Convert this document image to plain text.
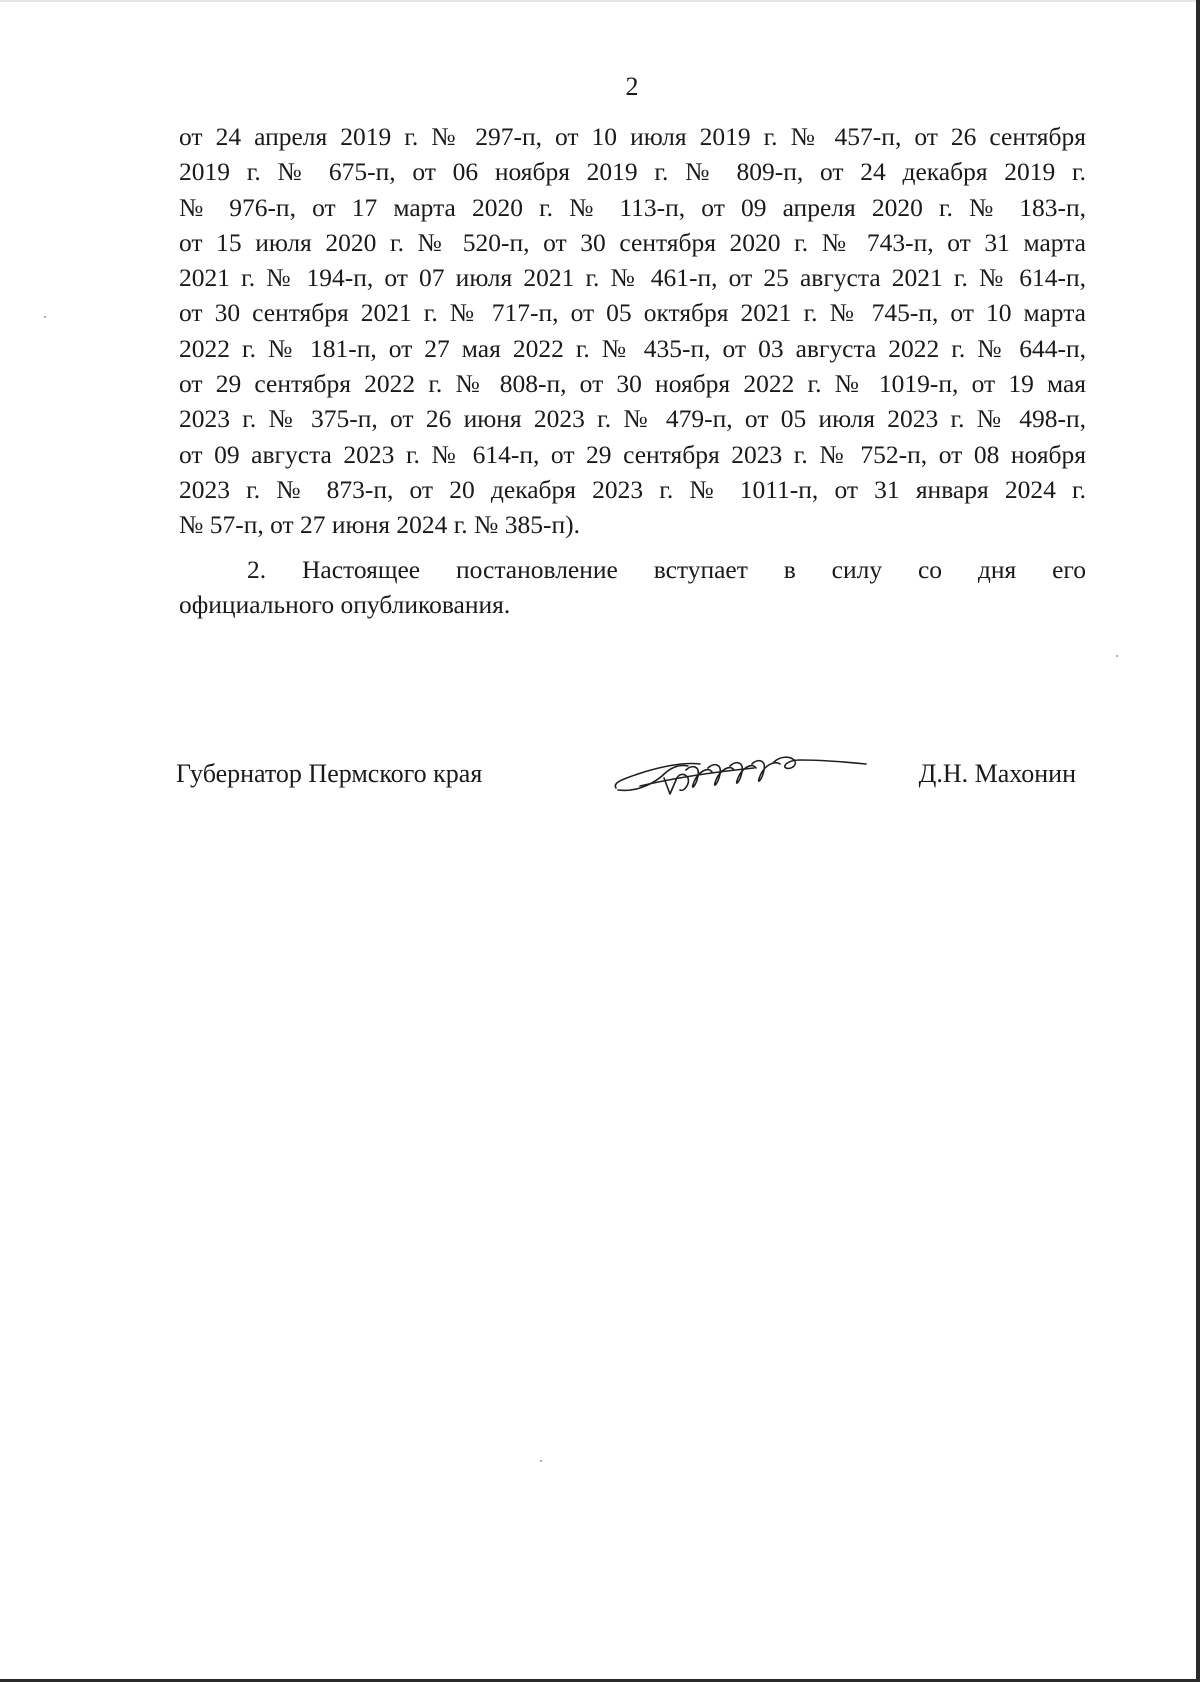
2
от 24 апреля 2019 г. № 297-п, от 10 июля 2019 г. № 457-п, от 26 сентября
2019 г. № 675-п, от 06 ноября 2019 г. № 809-п, от 24 декабря 2019 г.
№ 976-п, от 17 марта 2020 г. № 113-п, от 09 апреля 2020 г. № 183-п,
от 15 июля 2020 г. № 520-п, от 30 сентября 2020 г. № 743-п, от 31 марта
2021 г. № 194-п, от 07 июля 2021 г. № 461-п, от 25 августа 2021 г. № 614-п,
от 30 сентября 2021 г. № 717-п, от 05 октября 2021 г. № 745-п, от 10 марта
2022 г. № 181-п, от 27 мая 2022 г. № 435-п, от 03 августа 2022 г. № 644-п,
от 29 сентября 2022 г. № 808-п, от 30 ноября 2022 г. № 1019-п, от 19 мая
2023 г. № 375-п, от 26 июня 2023 г. № 479-п, от 05 июля 2023 г. № 498-п,
от 09 августа 2023 г. № 614-п, от 29 сентября 2023 г. № 752-п, от 08 ноября
2023 г. № 873-п, от 20 декабря 2023 г. № 1011-п, от 31 января 2024 г.
№ 57-п, от 27 июня 2024 г. № 385-п).
2. Настоящее постановление вступает в силу со дня его
официального опубликования.
Губернатор Пермского края	Д.Н. Махонин
